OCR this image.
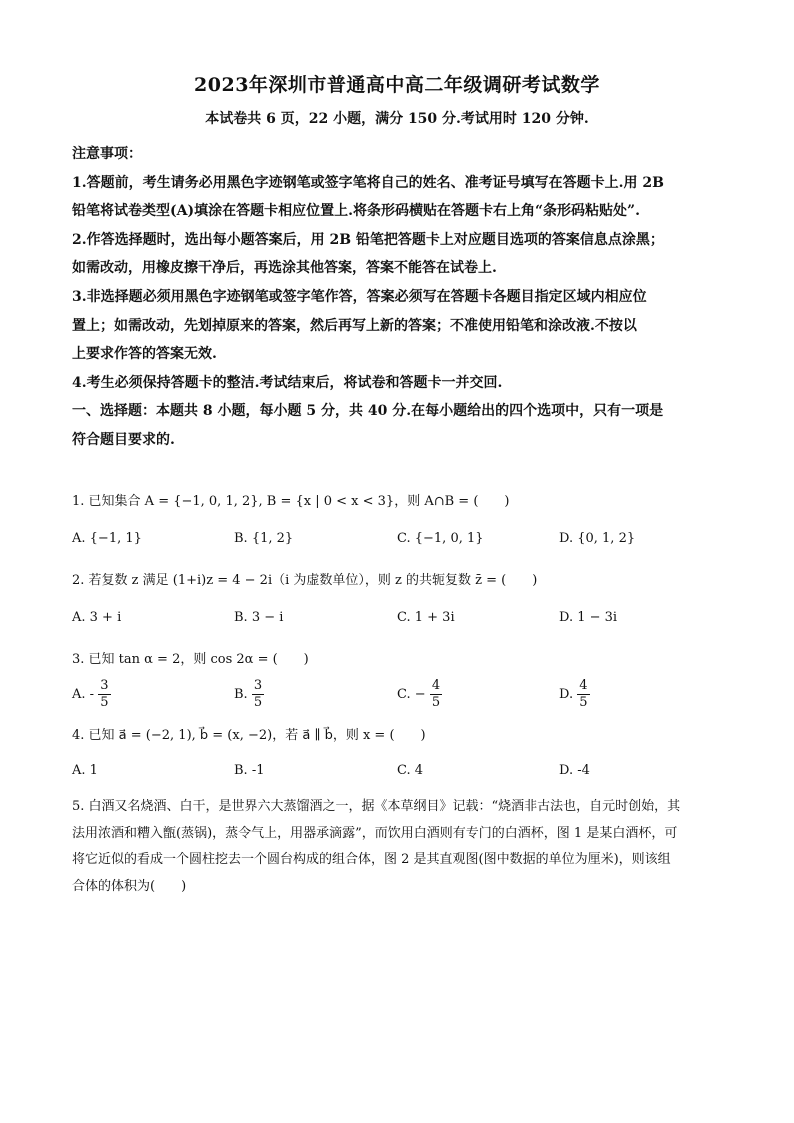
2023年深圳市普通高中高二年级调研考试数学
本试卷共 6 页，22 小题，满分 150 分.考试用时 120 分钟.

注意事项：

1.答题前，考生请务必用黑色字迹钢笔或签字笔将自己的姓名、准考证号填写在答题卡上.用 2B

铅笔将试卷类型(A)填涂在答题卡相应位置上.将条形码横贴在答题卡右上角“条形码粘贴处”.

2.作答选择题时，选出每小题答案后，用 2B 铅笔把答题卡上对应题目选项的答案信息点涂黑；

如需改动，用橡皮擦干净后，再选涂其他答案，答案不能答在试卷上.

3.非选择题必须用黑色字迹钢笔或签字笔作答，答案必须写在答题卡各题目指定区域内相应位

置上；如需改动，先划掉原来的答案，然后再写上新的答案；不准使用铅笔和涂改液.不按以

上要求作答的答案无效.

4.考生必须保持答题卡的整洁.考试结束后，将试卷和答题卡一并交回.

一、选择题：本题共 8 小题，每小题 5 分，共 40 分.在每小题给出的四个选项中，只有一项是

符合题目要求的.

1. 已知集合 A = {−1, 0, 1, 2}, B = {x | 0 < x < 3}，则 A∩B = (　　)
A. {−1, 1}	B. {1, 2}	C. {−1, 0, 1}	D. {0, 1, 2}
2. 若复数 z 满足 (1+i)z = 4 − 2i（i 为虚数单位），则 z 的共轭复数 z̄ = (　　)
A. 3 + i	B. 3 − i	C. 1 + 3i	D. 1 − 3i
3. 已知 tan α = 2，则 cos 2α = (　　)
A. - $\frac{3}{5}$	B. $\frac{3}{5}$	C. − $\frac{4}{5}$	D. $\frac{4}{5}$
4. 已知 a⃗ = (−2, 1), b⃗ = (x, −2)，若 a⃗ ∥ b⃗，则 x = (　　)
A. 1	B. -1	C. 4	D. -4

5. 白酒又名烧酒、白干，是世界六大蒸馏酒之一，据《本草纲目》记载：“烧酒非古法也，自元时创始，其

法用浓酒和糟入甑(蒸锅)，蒸令气上，用器承滴露”，而饮用白酒则有专门的白酒杯，图 1 是某白酒杯，可

将它近似的看成一个圆柱挖去一个圆台构成的组合体，图 2 是其直观图(图中数据的单位为厘米)，则该组

合体的体积为(　　)
